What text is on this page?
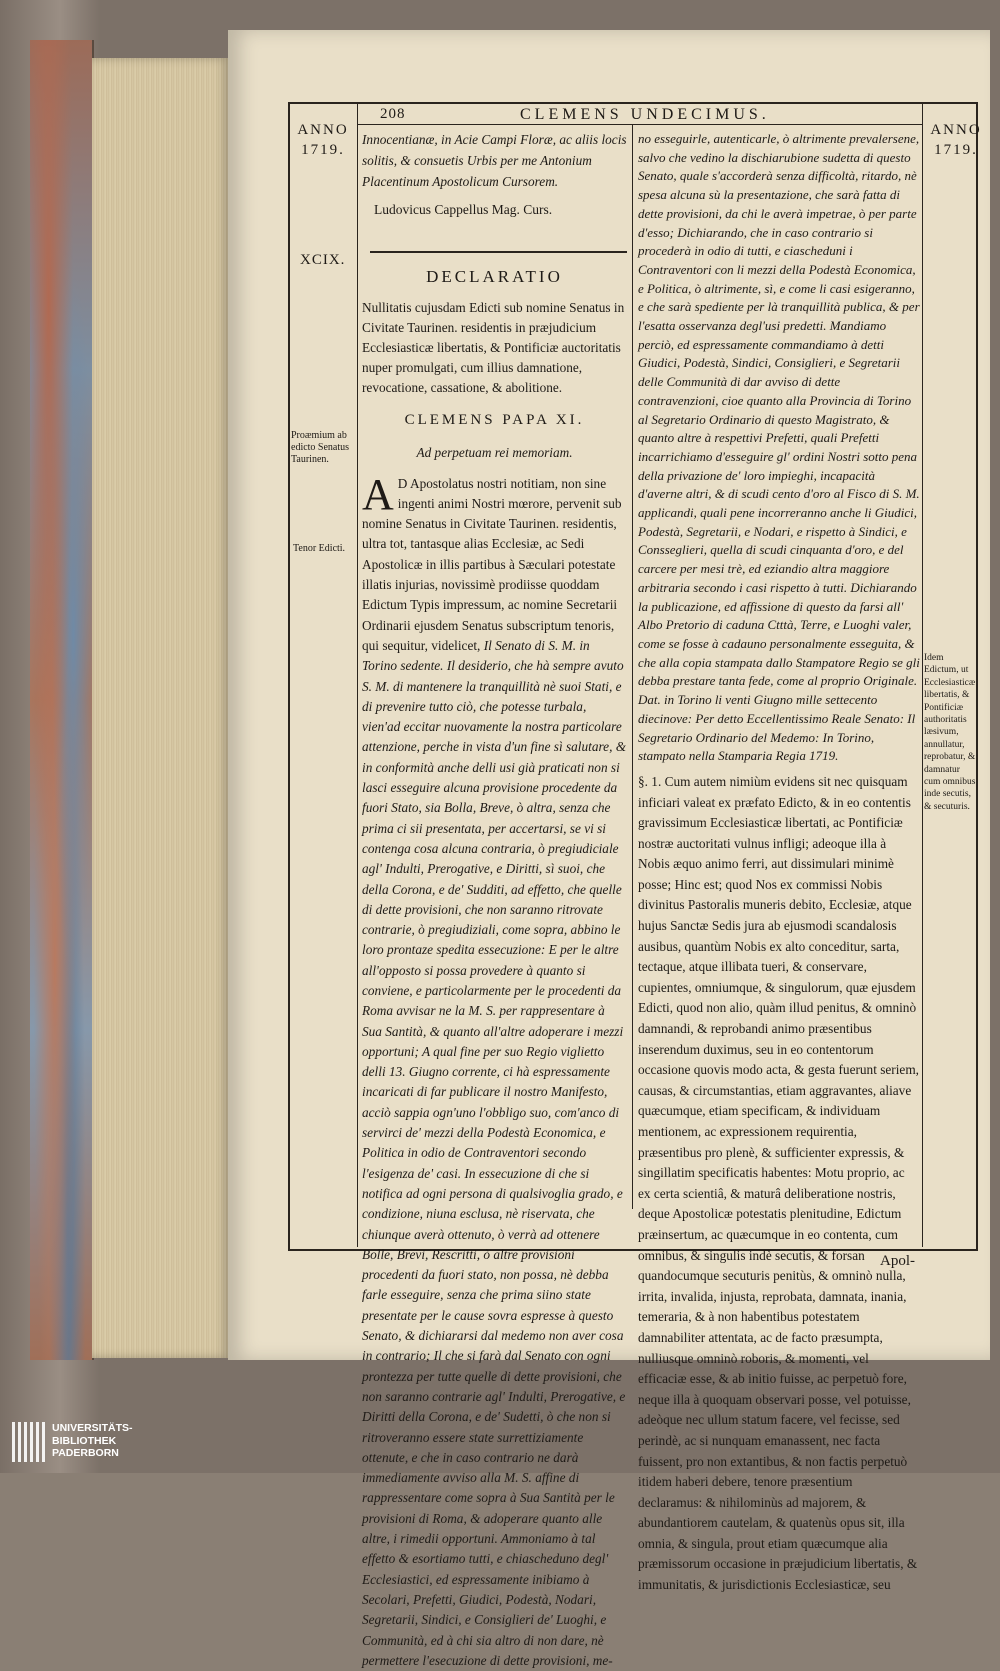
208	CLEMENS UNDECIMUS.
ANNO
1719.
ANNO
1719.
XCIX.
Proæmium ab edicto Senatus Taurinen.
Tenor Edicti.

Innocentianæ, in Acie Campi Floræ, ac aliis locis solitis, & consuetis Urbis per me Antonium Placentinum Apostolicum Cursorem.

Ludovicus Cappellus Mag. Curs.

DECLARATIO

Nullitatis cujusdam Edicti sub nomine Senatus in Civitate Taurinen. residentis in præjudicium Ecclesiasticæ libertatis, & Pontificiæ auctoritatis nuper promulgati, cum illius damnatione, revocatione, cassatione, & abolitione.

CLEMENS PAPA XI.

Ad perpetuam rei memoriam.

A D Apostolatus nostri notitiam, non sine ingenti animi Nostri mœrore, pervenit sub nomine Senatus in Civitate Taurinen. residentis, ultra tot, tantasque alias Ecclesiæ, ac Sedi Apostolicæ in illis partibus à Sæculari potestate illatis injurias, novissimè prodiisse quoddam Edictum Typis impressum, ac nomine Secretarii Ordinarii ejusdem Senatus subscriptum tenoris, qui sequitur, videlicet, Il Senato di S. M. in Torino sedente. Il desiderio, che hà sempre avuto S. M. di mantenere la tranquillità nè suoi Stati, e di prevenire tutto ciò, che potesse turbala, vien'ad eccitar nuovamente la nostra particolare attenzione, perche in vista d'un fine sì salutare, & in conformità anche delli usi già praticati non si lasci esseguire alcuna provisione procedente da fuori Stato, sia Bolla, Breve, ò altra, senza che prima ci sii presentata, per accertarsi, se vi si contenga cosa alcuna contraria, ò pregiudiciale agl' Indulti, Prerogative, e Diritti, sì suoi, che della Corona, e de' Sudditi, ad effetto, che quelle di dette provisioni, che non saranno ritrovate contrarie, ò pregiudiziali, come sopra, abbino le loro prontaze spedita essecuzione: E per le altre all'opposto si possa provedere à quanto si conviene, e particolarmente per le procedenti da Roma avvisar ne la M. S. per rappresentare à Sua Santità, & quanto all'altre adoperare i mezzi opportuni; A qual fine per suo Regio viglietto delli 13. Giugno corrente, ci hà espressamente incaricati di far publicare il nostro Manifesto, acciò sappia ogn'uno l'obbligo suo, com'anco di servirci de' mezzi della Podestà Economica, e Politica in odio de Contraventori secondo l'esigenza de' casi. In essecuzione di che si notifica ad ogni persona di qualsivoglia grado, e condizione, niuna esclusa, nè riservata, che chiunque averà ottenuto, ò verrà ad ottenere Bolle, Brevi, Rescritti, ò altre provisioni procedenti da fuori stato, non possa, nè debba farle esseguire, senza che prima siino state presentate per le cause sovra espresse à questo Senato, & dichiararsi dal medemo non aver cosa in contrario; Il che si farà dal Senato con ogni prontezza per tutte quelle di dette provisioni, che non saranno contrarie agl' Indulti, Prerogative, e Diritti della Corona, e de' Sudetti, ò che non si ritroveranno essere state surrettiziamente ottenute, e che in caso contrario ne darà immediamente avviso alla M. S. affine di rappressentare come sopra à Sua Santità per le provisioni di Roma, & adoperare quanto alle altre, i rimedii opportuni. Ammoniamo à tal effetto & esortiamo tutti, e chiascheduno degl' Ecclesiastici, ed espressamente inibiamo à Secolari, Prefetti, Giudici, Podestà, Nodari, Segretarii, Sindici, e Consiglieri de' Luoghi, e Communità, ed à chi sia altro di non dare, nè permettere l'esecuzione di dette provisioni, me-

no esseguirle, autenticarle, ò altrimente prevalersene, salvo che vedino la dischiarubione sudetta di questo Senato, quale s'accorderà senza difficoltà, ritardo, nè spesa alcuna sù la presentazione, che sarà fatta di dette provisioni, da chi le averà impetrae, ò per parte d'esso; Dichiarando, che in caso contrario si procederà in odio di tutti, e ciascheduni i Contraventori con li mezzi della Podestà Economica, e Politica, ò altrimente, sì, e come li casi esigeranno, e che sarà spediente per là tranquillità publica, & per l'esatta osservanza degl'usi predetti. Mandiamo perciò, ed espressamente commandiamo à detti Giudici, Podestà, Sindici, Consiglieri, e Segretarii delle Communità di dar avviso di dette contravenzioni, cioe quanto alla Provincia di Torino al Segretario Ordinario di questo Magistrato, & quanto altre à respettivi Prefetti, quali Prefetti incarrichiamo d'esseguire gl' ordini Nostri sotto pena della privazione de' loro impieghi, incapacità d'averne altri, & di scudi cento d'oro al Fisco di S. M. applicandi, quali pene incorreranno anche li Giudici, Podestà, Segretarii, e Nodari, e rispetto à Sindici, e Consseglieri, quella di scudi cinquanta d'oro, e del carcere per mesi trè, ed eziandio altra maggiore arbitraria secondo i casi rispetto à tutti. Dichiarando la publicazione, ed affissione di questo da farsi all' Albo Pretorio di caduna Ctttà, Terre, e Luoghi valer, come se fosse à cadauno personalmente esseguita, & che alla copia stampata dallo Stampatore Regio se gli debba prestare tanta fede, come al proprio Originale. Dat. in Torino li venti Giugno mille settecento diecinove: Per detto Eccellentissimo Reale Senato: Il Segretario Ordinario del Medemo: In Torino, stampato nella Stamparia Regia 1719.

§. 1. Cum autem nimiùm evidens sit nec quisquam inficiari valeat ex præfato Edicto, & in eo contentis gravissimum Ecclesiasticæ libertati, ac Pontificiæ nostræ auctoritati vulnus infligi; adeoque illa à Nobis æquo animo ferri, aut dissimulari minimè posse; Hinc est; quod Nos ex commissi Nobis divinitus Pastoralis muneris debito, Ecclesiæ, atque hujus Sanctæ Sedis jura ab ejusmodi scandalosis ausibus, quantùm Nobis ex alto conceditur, sarta, tectaque, atque illibata tueri, & conservare, cupientes, omniumque, & singulorum, quæ ejusdem Edicti, quod non alio, quàm illud penitus, & omninò damnandi, & reprobandi animo præsentibus inserendum duximus, seu in eo contentorum occasione quovis modo acta, & gesta fuerunt seriem, causas, & circumstantias, etiam aggravantes, aliave quæcumque, etiam specificam, & individuam mentionem, ac expressionem requirentia, præsentibus pro plenè, & sufficienter expressis, & singillatim specificatis habentes: Motu proprio, ac ex certa scientiâ, & maturâ deliberatione nostris, deque Apostolicæ potestatis plenitudine, Edictum præinsertum, ac quæcumque in eo contenta, cum omnibus, & singulis indè secutis, & forsan quandocumque secuturis penitùs, & omninò nulla, irrita, invalida, injusta, reprobata, damnata, inania, temeraria, & à non habentibus potestatem damnabiliter attentata, ac de facto præsumpta, nulliusque omninò roboris, & momenti, vel efficaciæ esse, & ab initio fuisse, ac perpetuò fore, neque illa à quoquam observari posse, vel potuisse, adeòque nec ullum statum facere, vel fecisse, sed perindè, ac si nunquam emanassent, nec facta fuissent, pro non extantibus, & non factis perpetuò itidem haberi debere, tenore præsentium declaramus: & nihilominùs ad majorem, & abundantiorem cautelam, & quatenùs opus sit, illa omnia, & singula, prout etiam quæcumque alia præmissorum occasione in præjudicium libertatis, & immunitatis, & jurisdictionis Ecclesiasticæ, seu

Idem Edictum, ut Ecclesiasticæ libertatis, & Pontificiæ authoritatis læsivum, annullatur, reprobatur, & damnatur cum omnibus inde secutis, & secuturis.
Apol-
UNIVERSITÄTS-
BIBLIOTHEK
PADERBORN
